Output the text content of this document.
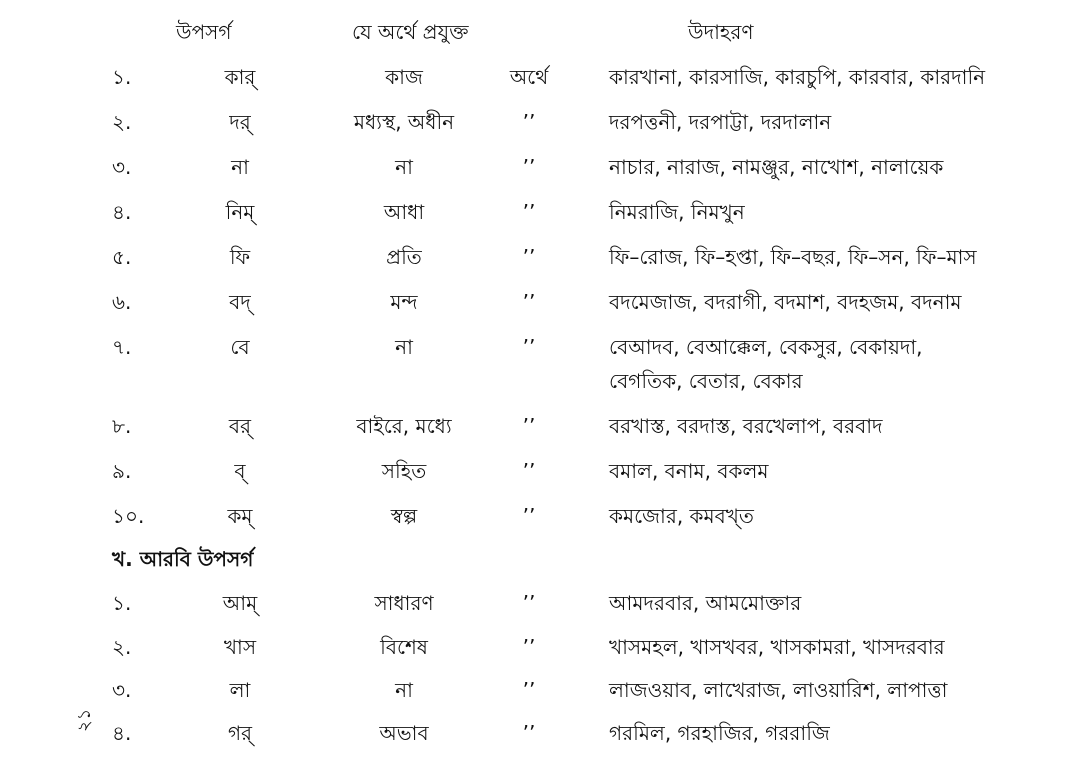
উপসর্গ	যে অর্থে প্রযুক্ত	উদাহরণ
১.	কার্	কাজ	অর্থে	কারখানা, কারসাজি, কারচুপি, কারবার, কারদানি
২.	দর্	মধ্যস্থ, অধীন	’’	দরপত্তনী, দরপাট্টা, দরদালান
৩.	না	না	’’	নাচার, নারাজ, নামঞ্জুর, নাখোশ, নালায়েক
৪.	নিম্	আধা	’’	নিমরাজি, নিমখুন
৫.	ফি	প্রতি	’’	ফি–রোজ, ফি–হপ্তা, ফি–বছর, ফি–সন, ফি–মাস
৬.	বদ্	মন্দ	’’	বদমেজাজ, বদরাগী, বদমাশ, বদহজম, বদনাম
৭.	বে	না	’’	বেআদব, বেআক্কেল, বেকসুর, বেকায়দা,
বেগতিক, বেতার, বেকার
৮.	বর্	বাইরে, মধ্যে	’’	বরখাস্ত, বরদাস্ত, বরখেলাপ, বরবাদ
৯.	ব্	সহিত	’’	বমাল, বনাম, বকলম
১০.	কম্	স্বল্প	’’	কমজোর, কমবখ্ত
খ. আরবি উপসর্গ
১.	আম্	সাধারণ	’’	আমদরবার, আমমোক্তার
২.	খাস	বিশেষ	’’	খাসমহল, খাসখবর, খাসকামরা, খাসদরবার
৩.	লা	না	’’	লাজওয়াব, লাখেরাজ, লাওয়ারিশ, লাপাত্তা
৪.	গর্	অভাব	’’	গরমিল, গরহাজির, গররাজি
২১
